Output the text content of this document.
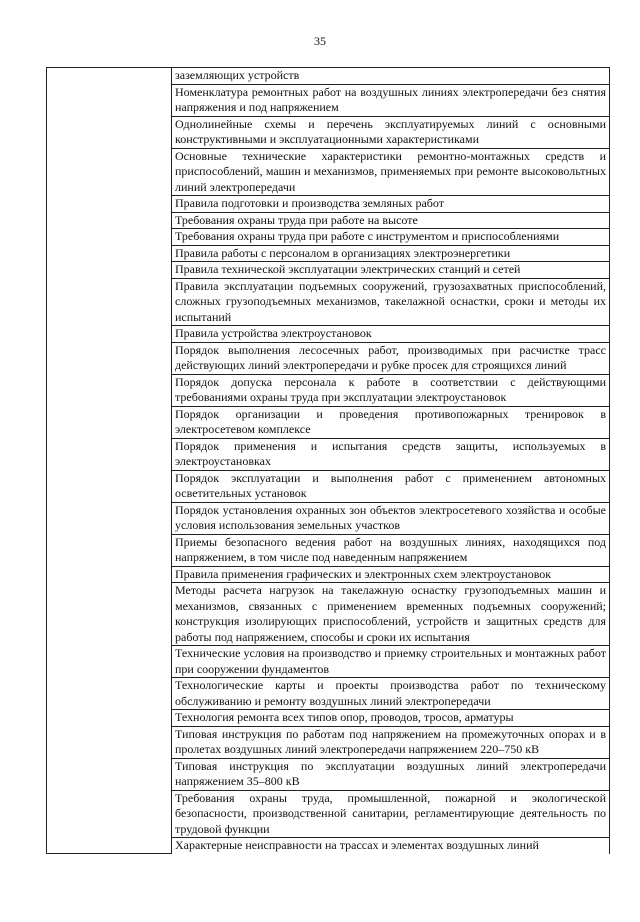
35
	заземляющих устройств
Номенклатура ремонтных работ на воздушных линиях электропередачи без снятия напряжения и под напряжением
Однолинейные схемы и перечень эксплуатируемых линий с основными конструктивными и эксплуатационными характеристиками
Основные технические характеристики ремонтно-монтажных средств и приспособлений, машин и механизмов, применяемых при ремонте высоковольтных линий электропередачи
Правила подготовки и производства земляных работ
Требования охраны труда при работе на высоте
Требования охраны труда при работе с инструментом и приспособлениями
Правила работы с персоналом в организациях электроэнергетики
Правила технической эксплуатации электрических станций и сетей
Правила эксплуатации подъемных сооружений, грузозахватных приспособлений, сложных грузоподъемных механизмов, такелажной оснастки, сроки и методы их испытаний
Правила устройства электроустановок
Порядок выполнения лесосечных работ, производимых при расчистке трасс действующих линий электропередачи и рубке просек для строящихся линий
Порядок допуска персонала к работе в соответствии с действующими требованиями охраны труда при эксплуатации электроустановок
Порядок организации и проведения противопожарных тренировок в электросетевом комплексе
Порядок применения и испытания средств защиты, используемых в электроустановках
Порядок эксплуатации и выполнения работ с применением автономных осветительных установок
Порядок установления охранных зон объектов электросетевого хозяйства и особые условия использования земельных участков
Приемы безопасного ведения работ на воздушных линиях, находящихся под напряжением, в том числе под наведенным напряжением
Правила применения графических и электронных схем электроустановок
Методы расчета нагрузок на такелажную оснастку грузоподъемных машин и механизмов, связанных с применением временных подъемных сооружений; конструкция изолирующих приспособлений, устройств и защитных средств для работы под напряжением, способы и сроки их испытания
Технические условия на производство и приемку строительных и монтажных работ при сооружении фундаментов
Технологические карты и проекты производства работ по техническому обслуживанию и ремонту воздушных линий электропередачи
Технология ремонта всех типов опор, проводов, тросов, арматуры
Типовая инструкция по работам под напряжением на промежуточных опорах и в пролетах воздушных линий электропередачи напряжением 220–750 кВ
Типовая инструкция по эксплуатации воздушных линий электропередачи напряжением 35–800 кВ
Требования охраны труда, промышленной, пожарной и экологической безопасности, производственной санитарии, регламентирующие деятельность по трудовой функции
Характерные неисправности на трассах и элементах воздушных линий
